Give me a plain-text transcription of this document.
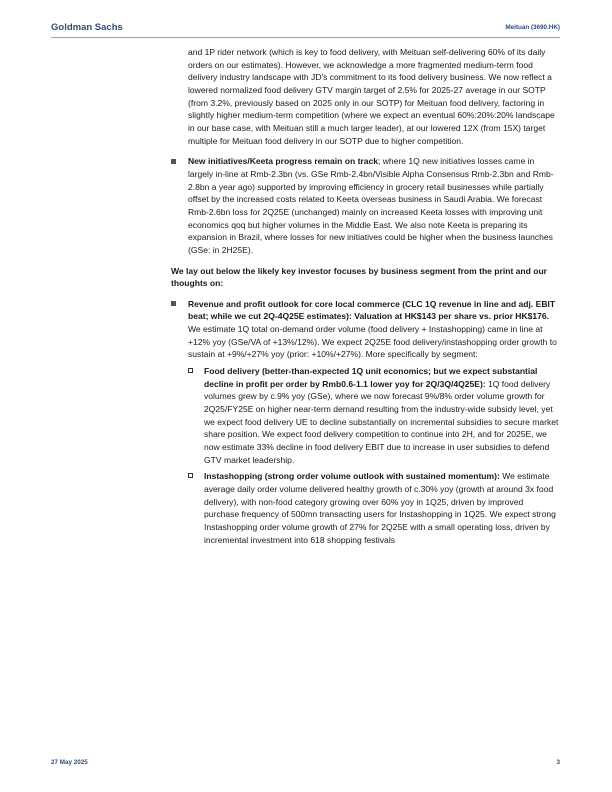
Goldman Sachs	Meituan (3690.HK)

and 1P rider network (which is key to food delivery, with Meituan self-delivering 60% of its daily orders on our estimates). However, we acknowledge a more fragmented medium-term food delivery industry landscape with JD's commitment to its food delivery business. We now reflect a lowered normalized food delivery GTV margin target of 2.5% for 2025-27 average in our SOTP (from 3.2%, previously based on 2025 only in our SOTP) for Meituan food delivery, factoring in slightly higher medium-term competition (where we expect an eventual 60%:20%:20% landscape in our base case, with Meituan still a much larger leader), at our lowered 12X (from 15X) target multiple for Meituan food delivery in our SOTP due to higher competition.

New initiatives/Keeta progress remain on track; where 1Q new initiatives losses came in largely in-line at Rmb-2.3bn (vs. GSe Rmb-2.4bn/Visible Alpha Consensus Rmb-2.3bn and Rmb-2.8bn a year ago) supported by improving efficiency in grocery retail businesses while partially offset by the increased costs related to Keeta overseas business in Saudi Arabia. We forecast Rmb-2.6bn loss for 2Q25E (unchanged) mainly on increased Keeta losses with improving unit economics qoq but higher volumes in the Middle East. We also note Keeta is preparing its expansion in Brazil, where losses for new initiatives could be higher when the business launches (GSe: in 2H25E).

We lay out below the likely key investor focuses by business segment from the print and our thoughts on:

Revenue and profit outlook for core local commerce (CLC 1Q revenue in line and adj. EBIT beat; while we cut 2Q-4Q25E estimates): Valuation at HK$143 per share vs. prior HK$176. We estimate 1Q total on-demand order volume (food delivery + Instashopping) came in line at +12% yoy (GSe/VA of +13%/12%). We expect 2Q25E food delivery/instashopping order growth to sustain at +9%/+27% yoy (prior: +10%/+27%). More specifically by segment:
Food delivery (better-than-expected 1Q unit economics; but we expect substantial decline in profit per order by Rmb0.6-1.1 lower yoy for 2Q/3Q/4Q25E): 1Q food delivery volumes grew by c.9% yoy (GSe), where we now forecast 9%/8% order volume growth for 2Q25/FY25E on higher near-term demand resulting from the industry-wide subsidy level, yet we expect food delivery UE to decline substantially on incremental subsidies to secure market share position. We expect food delivery competition to continue into 2H, and for 2025E, we now estimate 33% decline in food delivery EBIT due to increase in user subsidies to defend GTV market leadership.
Instashopping (strong order volume outlook with sustained momentum): We estimate average daily order volume delivered healthy growth of c.30% yoy (growth at around 3x food delivery), with non-food category growing over 60% yoy in 1Q25, driven by improved purchase frequency of 500mn transacting users for Instashopping in 1Q25. We expect strong Instashopping order volume growth of 27% for 2Q25E with a small operating loss, driven by incremental investment into 618 shopping festivals
27 May 2025	3
